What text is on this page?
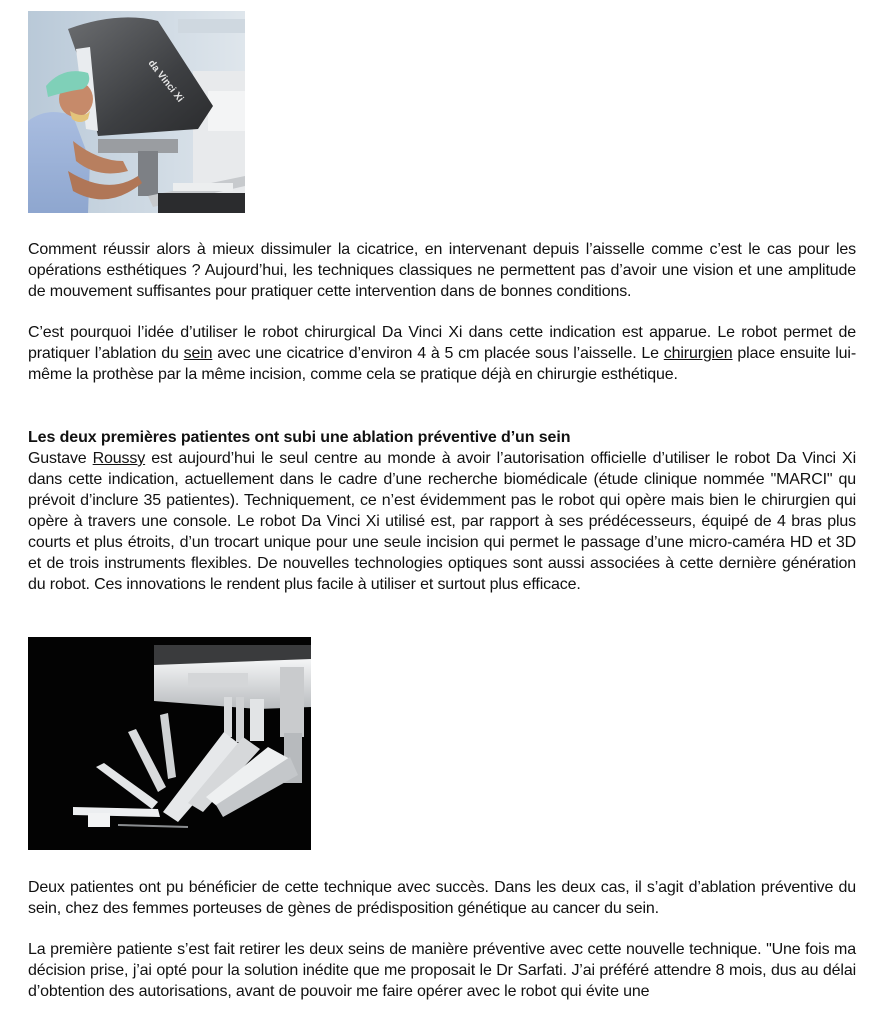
da Vinci Xi

Comment réussir alors à mieux dissimuler la cicatrice, en intervenant depuis l’aisselle comme c’est le cas pour les opérations esthétiques ? Aujourd’hui, les techniques classiques ne permettent pas d’avoir une vision et une amplitude de mouvement suffisantes pour pratiquer cette intervention dans de bonnes conditions.

C’est pourquoi l’idée d’utiliser le robot chirurgical Da Vinci Xi dans cette indication est apparue. Le robot permet de pratiquer l’ablation du sein avec une cicatrice d’environ 4 à 5 cm placée sous l’aisselle. Le chirurgien place ensuite lui-même la prothèse par la même incision, comme cela se pratique déjà en chirurgie esthétique.

Les deux premières patientes ont subi une ablation préventive d’un sein

Gustave Roussy est aujourd’hui le seul centre au monde à avoir l’autorisation officielle d’utiliser le robot Da Vinci Xi dans cette indication, actuellement dans le cadre d’une recherche biomédicale (étude clinique nommée "MARCI" qu prévoit d’inclure 35 patientes). Techniquement, ce n’est évidemment pas le robot qui opère mais bien le chirurgien qui opère à travers une console. Le robot Da Vinci Xi utilisé est, par rapport à ses prédécesseurs, équipé de 4 bras plus courts et plus étroits, d’un trocart unique pour une seule incision qui permet le passage d’une micro-caméra HD et 3D et de trois instruments flexibles. De nouvelles technologies optiques sont aussi associées à cette dernière génération du robot. Ces innovations le rendent plus facile à utiliser et surtout plus efficace.

Deux patientes ont pu bénéficier de cette technique avec succès. Dans les deux cas, il s’agit d’ablation préventive du sein, chez des femmes porteuses de gènes de prédisposition génétique au cancer du sein.

La première patiente s’est fait retirer les deux seins de manière préventive avec cette nouvelle technique. "Une fois ma décision prise, j’ai opté pour la solution inédite que me proposait le Dr Sarfati. J’ai préféré attendre 8 mois, dus au délai d’obtention des autorisations, avant de pouvoir me faire opérer avec le robot qui évite une
